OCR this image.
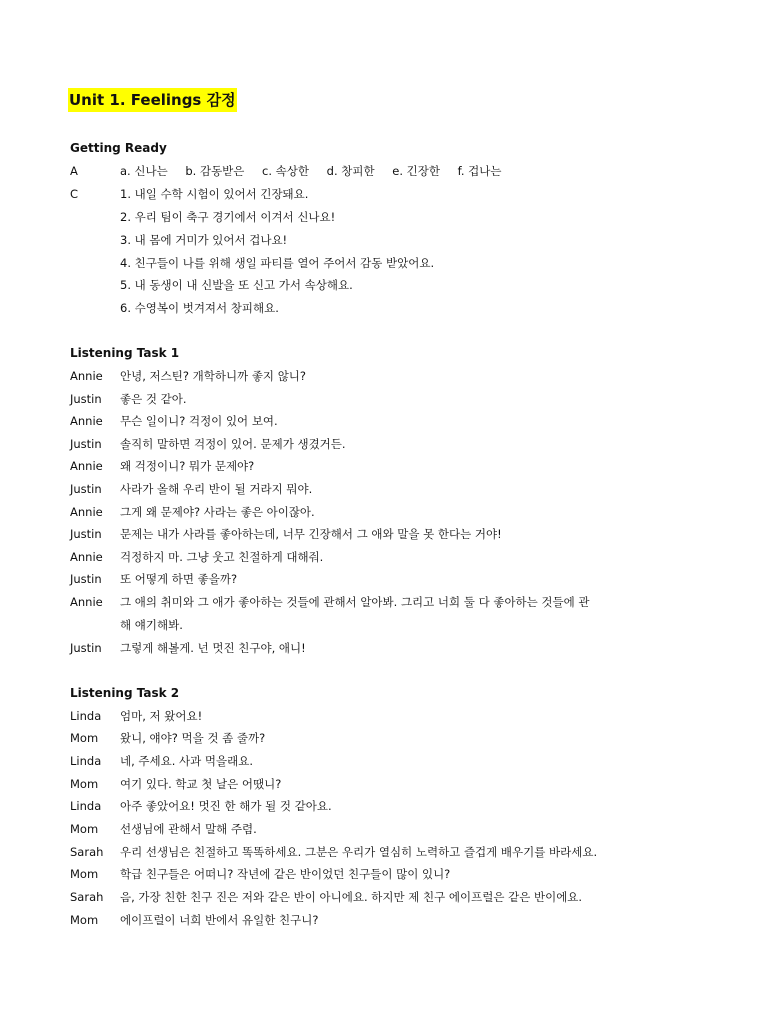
Unit 1. Feelings 감정
Getting Ready
A	a. 신나는 b. 감동받은 c. 속상한 d. 창피한 e. 긴장한 f. 겁나는
C	1. 내일 수학 시험이 있어서 긴장돼요.
2. 우리 팀이 축구 경기에서 이겨서 신나요!
3. 내 몸에 거미가 있어서 겁나요!
4. 친구들이 나를 위해 생일 파티를 열어 주어서 감동 받았어요.
5. 내 동생이 내 신발을 또 신고 가서 속상해요.
6. 수영복이 벗겨져서 창피해요.
Listening Task 1
Annie 안녕, 저스틴? 개학하니까 좋지 않니?
Justin 좋은 것 같아.
Annie 무슨 일이니? 걱정이 있어 보여.
Justin 솔직히 말하면 걱정이 있어. 문제가 생겼거든.
Annie 왜 걱정이니? 뭐가 문제야?
Justin 사라가 올해 우리 반이 될 거라지 뭐야.
Annie 그게 왜 문제야? 사라는 좋은 아이잖아.
Justin 문제는 내가 사라를 좋아하는데, 너무 긴장해서 그 애와 말을 못 한다는 거야!
Annie 걱정하지 마. 그냥 웃고 친절하게 대해줘.
Justin 또 어떻게 하면 좋을까?
Annie 그 애의 취미와 그 애가 좋아하는 것들에 관해서 알아봐. 그리고 너희 둘 다 좋아하는 것들에 관
해 얘기해봐.
Justin 그렇게 해볼게. 넌 멋진 친구야, 애니!
Listening Task 2
Linda 엄마, 저 왔어요!
Mom 왔니, 얘야? 먹을 것 좀 줄까?
Linda 네, 주세요. 사과 먹을래요.
Mom 여기 있다. 학교 첫 날은 어땠니?
Linda 아주 좋았어요! 멋진 한 해가 될 것 같아요.
Mom 선생님에 관해서 말해 주렴.
Sarah 우리 선생님은 친절하고 똑똑하세요. 그분은 우리가 열심히 노력하고 즐겁게 배우기를 바라세요.
Mom 학급 친구들은 어떠니? 작년에 같은 반이었던 친구들이 많이 있니?
Sarah 음, 가장 친한 친구 진은 저와 같은 반이 아니에요. 하지만 제 친구 에이프럴은 같은 반이에요.
Mom 에이프럴이 너희 반에서 유일한 친구니?
